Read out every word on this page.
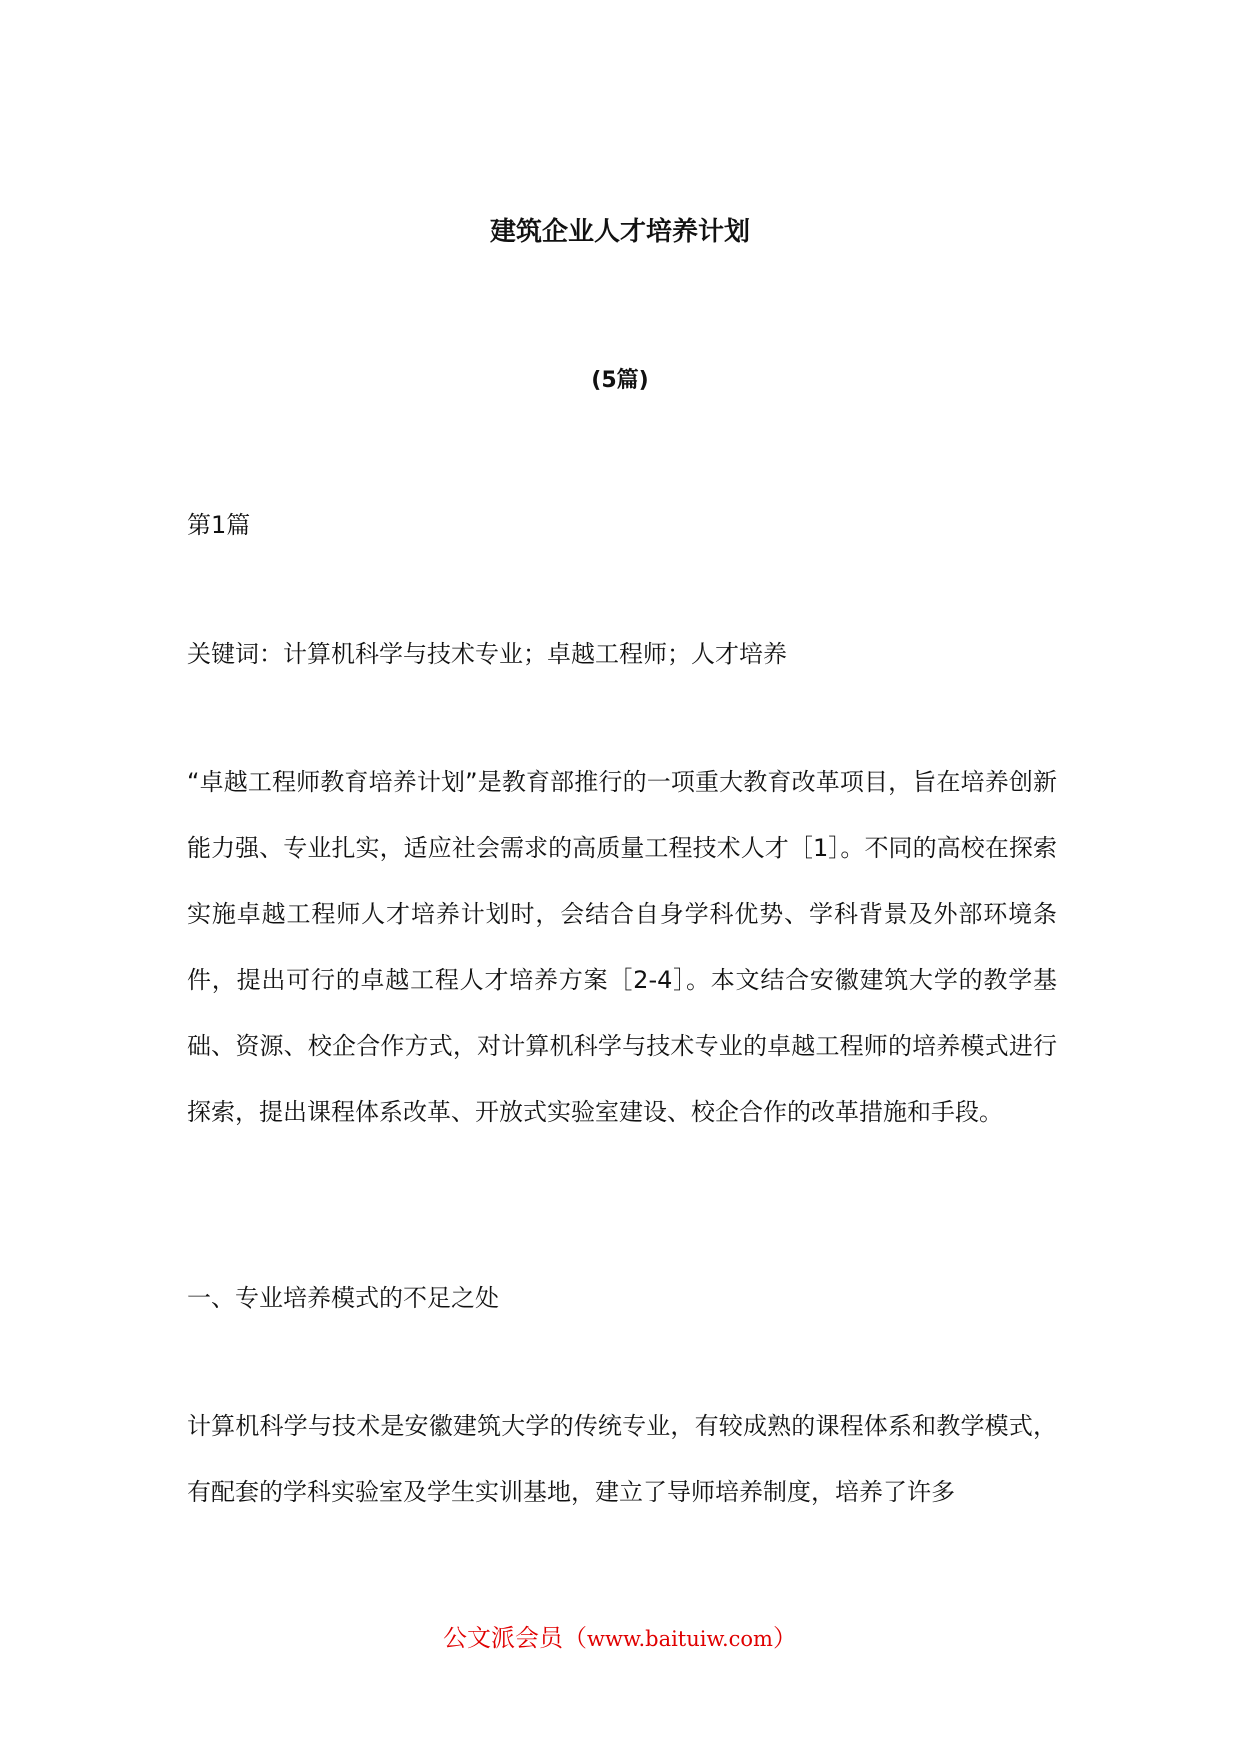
建筑企业人才培养计划
(5篇)

第1篇

关键词：计算机科学与技术专业；卓越工程师；人才培养

“卓越工程师教育培养计划”是教育部推行的一项重大教育改革项目，旨在培养创新能力强、专业扎实，适应社会需求的高质量工程技术人才［1］。不同的高校在探索实施卓越工程师人才培养计划时，会结合自身学科优势、学科背景及外部环境条件，提出可行的卓越工程人才培养方案［2-4］。本文结合安徽建筑大学的教学基础、资源、校企合作方式，对计算机科学与技术专业的卓越工程师的培养模式进行探索，提出课程体系改革、开放式实验室建设、校企合作的改革措施和手段。

一、专业培养模式的不足之处

计算机科学与技术是安徽建筑大学的传统专业，有较成熟的课程体系和教学模式，有配套的学科实验室及学生实训基地，建立了导师培养制度，培养了许多

公文派会员（www.baituiw.com）
